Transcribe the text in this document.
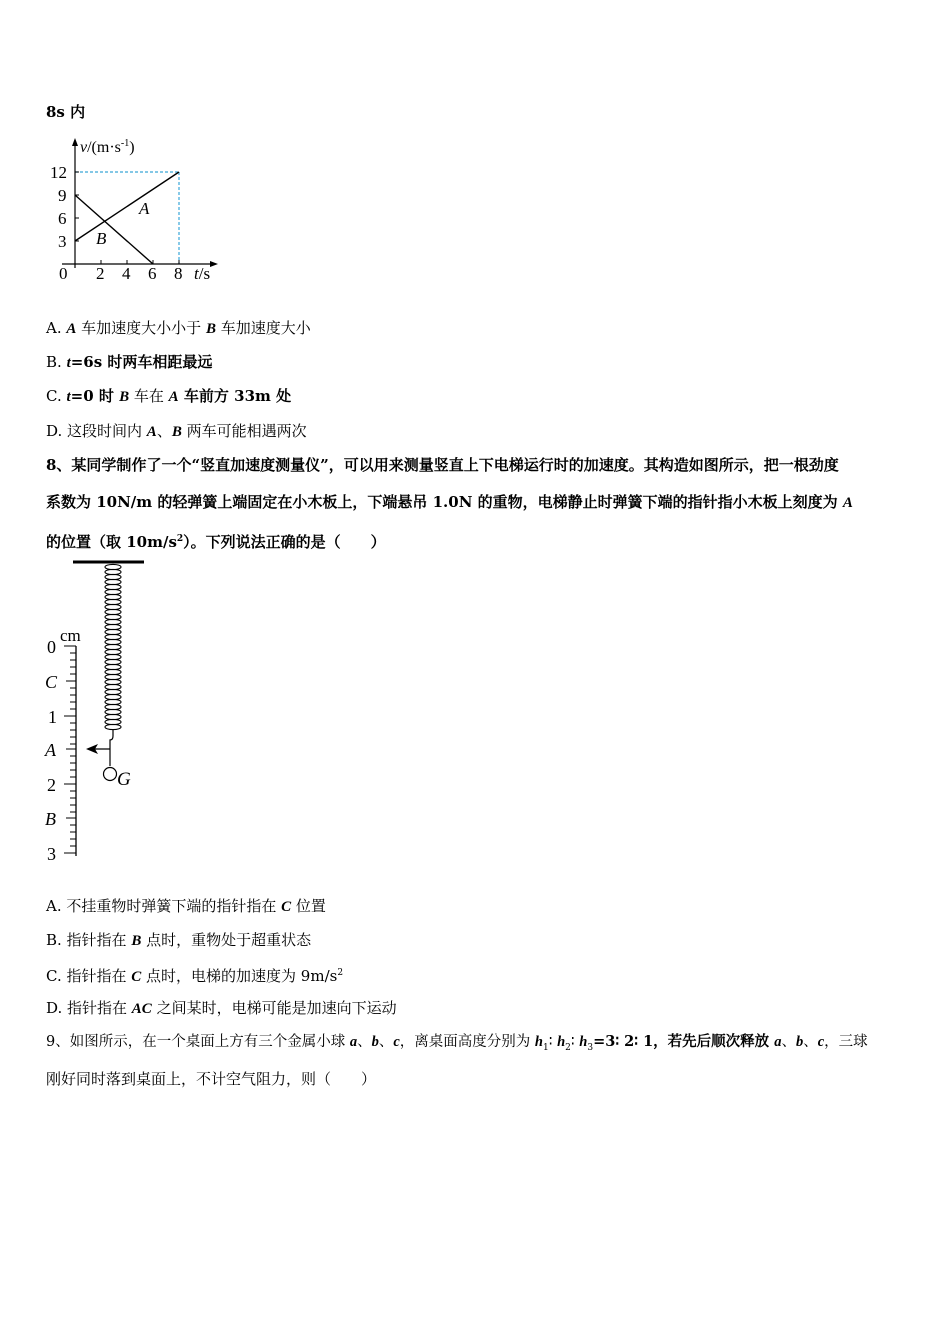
8s 内
$v/(m\cdot s^{-1})$
12
9
6
3
0 2 4 6 8 t/s
A
B
A. A 车加速度大小小于 B 车加速度大小
B. t=6s 时两车相距最远
C. t=0 时 B 车在 A 车前方 33m 处
D. 这段时间内 A、B 两车可能相遇两次
8、某同学制作了一个“竖直加速度测量仪”，可以用来测量竖直上下电梯运行时的加速度。其构造如图所示，把一根劲度
系数为 10N/m 的轻弹簧上端固定在小木板上，下端悬吊 1.0N 的重物，电梯静止时弹簧下端的指针指小木板上刻度为 A
的位置（取 $10m/s^2$）。下列说法正确的是（　　）
G
cm
0
C
1
A
2
B
3
A. 不挂重物时弹簧下端的指针指在 C 位置
B. 指针指在 B 点时，重物处于超重状态
C. 指针指在 C 点时，电梯的加速度为 $9m/s^2$
D. 指针指在 AC 之间某时，电梯可能是加速向下运动
9、如图所示，在一个桌面上方有三个金属小球 a、b、c，离桌面高度分别为 $h_1∶$ $h_2∶$ $h_3=3∶$ 2∶ 1，若先后顺次释放 a、b、c，三球
刚好同时落到桌面上，不计空气阻力，则（　　）
